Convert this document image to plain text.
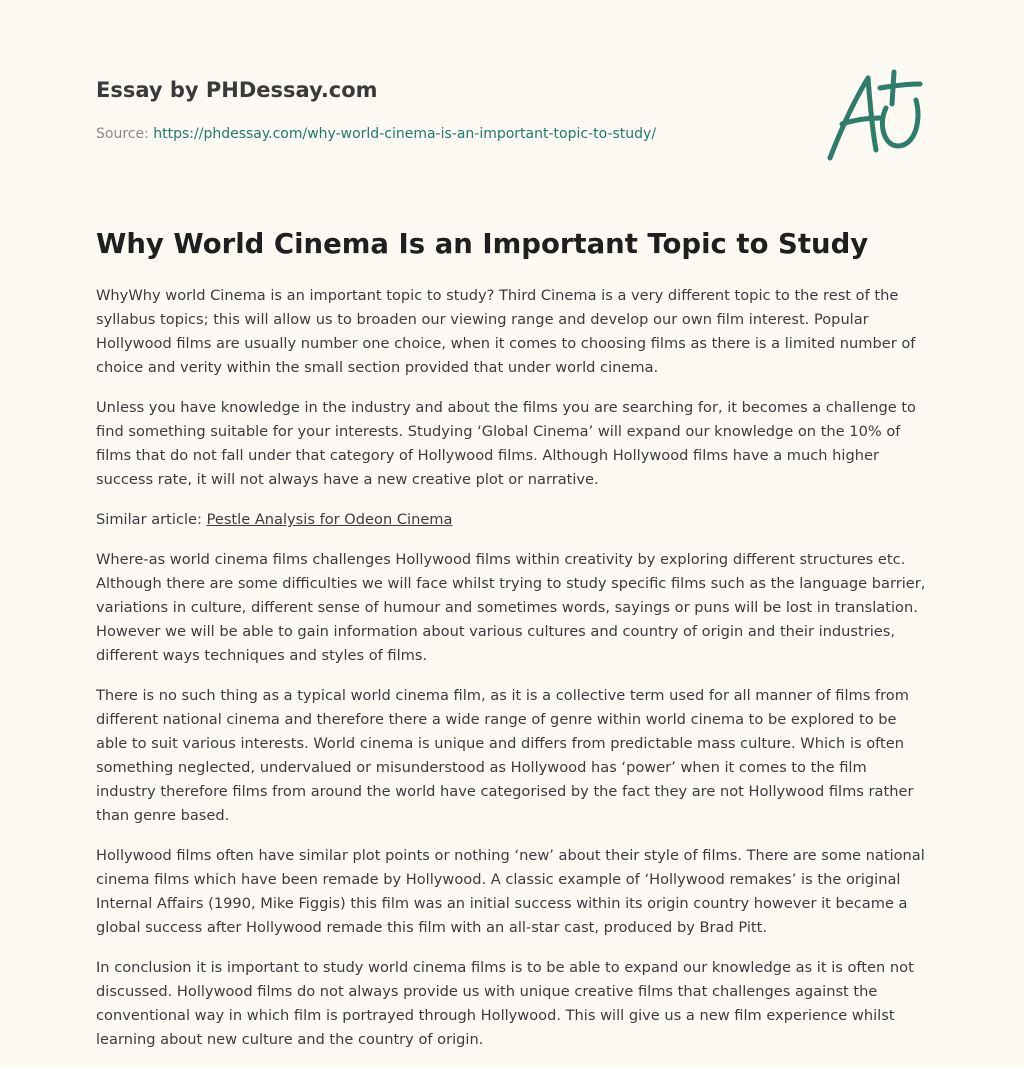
Essay by PHDessay.com
Source: https://phdessay.com/why-world-cinema-is-an-important-topic-to-study/
Why World Cinema Is an Important Topic to Study

WhyWhy world Cinema is an important topic to study? Third Cinema is a very different topic to the rest of the syllabus topics; this will allow us to broaden our viewing range and develop our own film interest. Popular Hollywood films are usually number one choice, when it comes to choosing films as there is a limited number of choice and verity within the small section provided that under world cinema.

Unless you have knowledge in the industry and about the films you are searching for, it becomes a challenge to find something suitable for your interests. Studying ‘Global Cinema’ will expand our knowledge on the 10% of films that do not fall under that category of Hollywood films. Although Hollywood films have a much higher success rate, it will not always have a new creative plot or narrative.

Similar article: Pestle Analysis for Odeon Cinema

Where-as world cinema films challenges Hollywood films within creativity by exploring different structures etc. Although there are some difficulties we will face whilst trying to study specific films such as the language barrier, variations in culture, different sense of humour and sometimes words, sayings or puns will be lost in translation. However we will be able to gain information about various cultures and country of origin and their industries, different ways techniques and styles of films.

There is no such thing as a typical world cinema film, as it is a collective term used for all manner of films from different national cinema and therefore there a wide range of genre within world cinema to be explored to be able to suit various interests. World cinema is unique and differs from predictable mass culture. Which is often something neglected, undervalued or misunderstood as Hollywood has ‘power’ when it comes to the film industry therefore films from around the world have categorised by the fact they are not Hollywood films rather than genre based.

Hollywood films often have similar plot points or nothing ‘new’ about their style of films. There are some national cinema films which have been remade by Hollywood. A classic example of ‘Hollywood remakes’ is the original Internal Affairs (1990, Mike Figgis) this film was an initial success within its origin country however it became a global success after Hollywood remade this film with an all-star cast, produced by Brad Pitt.

In conclusion it is important to study world cinema films is to be able to expand our knowledge as it is often not discussed. Hollywood films do not always provide us with unique creative films that challenges against the conventional way in which film is portrayed through Hollywood. This will give us a new film experience whilst learning about new culture and the country of origin.
